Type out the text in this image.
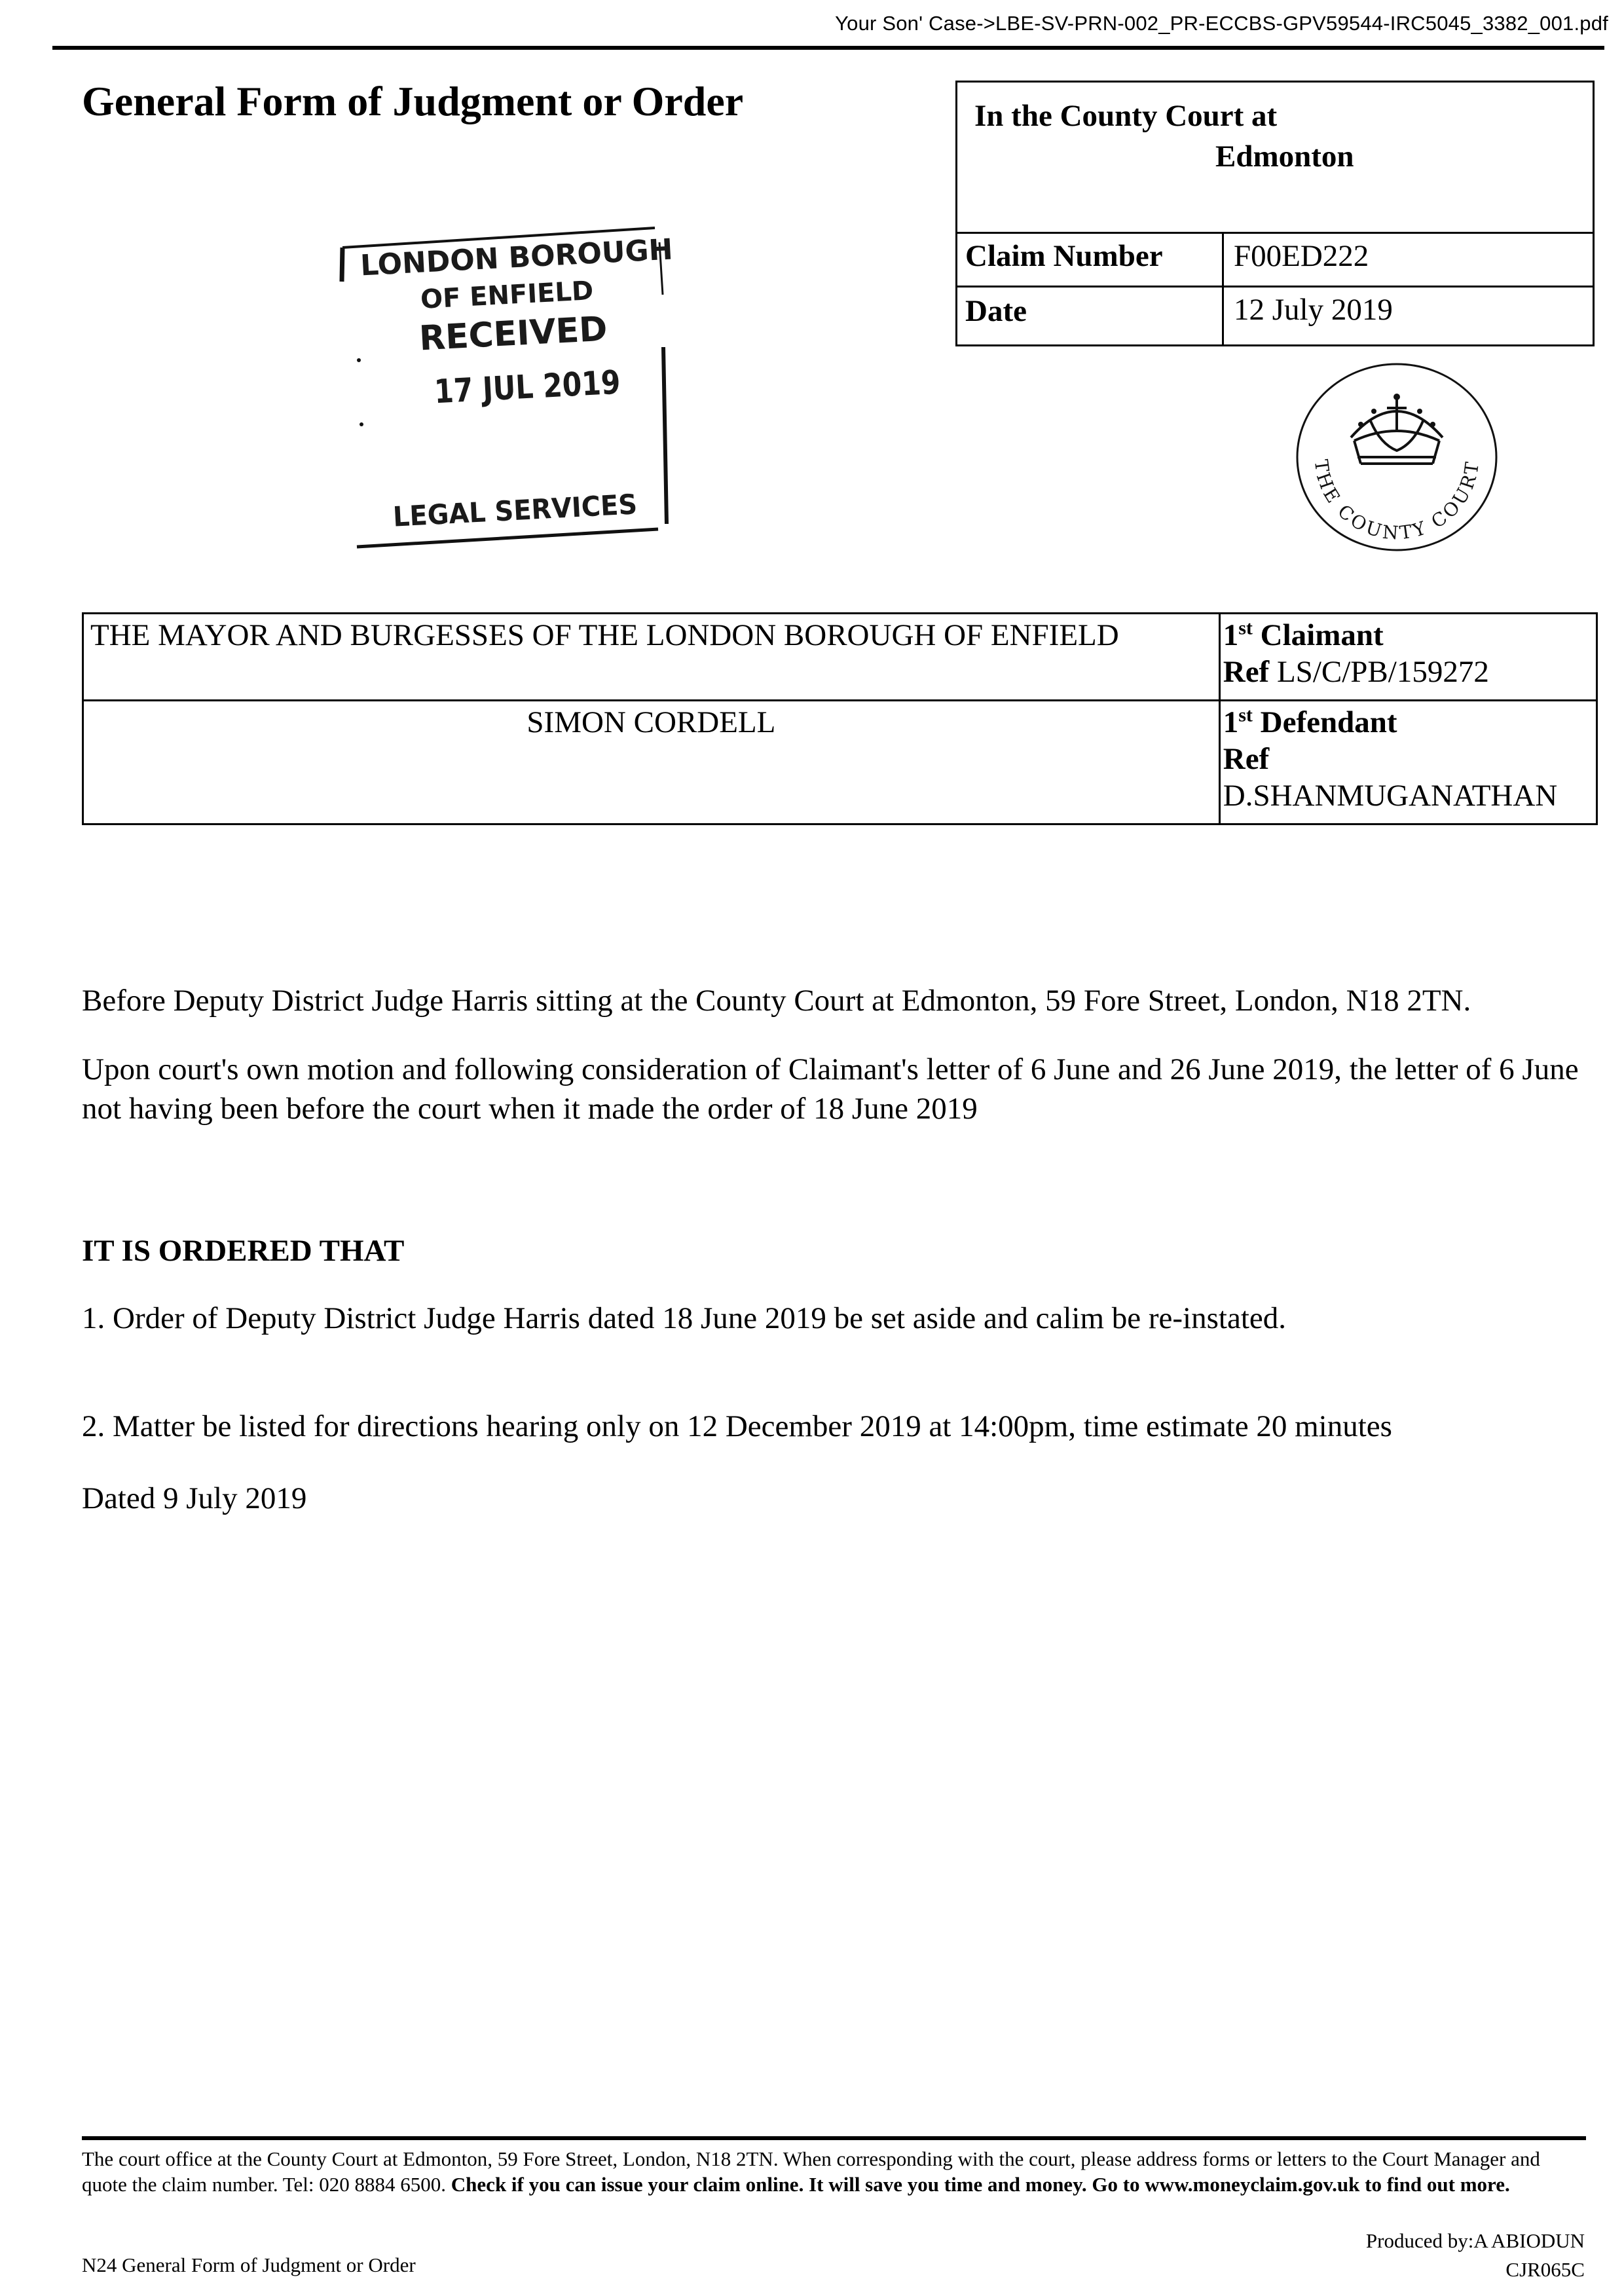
Your Son' Case->LBE-SV-PRN-002_PR-ECCBS-GPV59544-IRC5045_3382_001.pdf
General Form of Judgment or Order	In the County Court at
Edmonton
Claim Number F00ED222
Date	12 July 2019
LONDON BOROUGH
OF ENFIELD
RECEIVED
17 JUL 2019
LEGAL SERVICES
THE COUNTY COURT
THE MAYOR AND BURGESSES OF THE LONDON BOROUGH OF ENFIELD	1st Claimant
Ref LS/C/PB/159272

SIMON CORDELL	1st Defendant
Ref
D.SHANMUGANATHAN
Before Deputy District Judge Harris sitting at the County Court at Edmonton, 59 Fore Street, London, N18 2TN.
Upon court's own motion and following consideration of Claimant's letter of 6 June and 26 June 2019, the letter of 6 June not having been before the court when it made the order of 18 June 2019
IT IS ORDERED THAT
1. Order of Deputy District Judge Harris dated 18 June 2019 be set aside and calim be re-instated.
2. Matter be listed for directions hearing only on 12 December 2019 at 14:00pm, time estimate 20 minutes
Dated 9 July 2019
The court office at the County Court at Edmonton, 59 Fore Street, London, N18 2TN. When corresponding with the court, please address forms or letters to the Court Manager and quote the claim number. Tel: 020 8884 6500. Check if you can issue your claim online. It will save you time and money. Go to www.moneyclaim.gov.uk to find out more.
Produced by:A ABIODUN
CJR065C
N24 General Form of Judgment or Order
